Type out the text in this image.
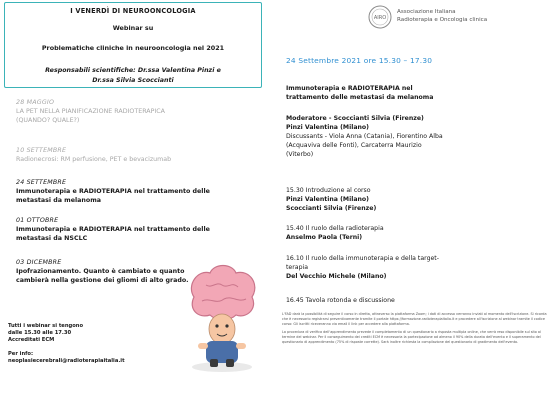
I VENERDÌ DI NEUROONCOLOGIA
Webinar su
Problematiche cliniche in neurooncologia nel 2021
Responsabili scientifiche: Dr.ssa Valentina Pinzi e
Dr.ssa Silvia Scoccianti
28 MAGGIO
LA PET NELLA PIANIFICAZIONE RADIOTERAPICA
(QUANDO? QUALE?)
10 SETTEMBRE
Radionecrosi: RM perfusione, PET e bevacizumab
24 SETTEMBRE
Immunoterapia e RADIOTERAPIA nel trattamento delle
metastasi da melanoma
01 OTTOBRE
Immunoterapia e RADIOTERAPIA nel trattamento delle
metastasi da NSCLC
03 DICEMBRE
Ipofrazionamento. Quanto è cambiato e quanto
cambierà nella gestione dei gliomi di alto grado.
Tutti i webinar si tengono
dalle 15.30 alle 17.30
Accreditati ECM
Per info:
neoplasiecerebrali@radioterapiaitalia.it
AIRO
Associazione Italiana
Radioterapia e Oncologia clinica
24 Settembre 2021 ore 15.30 – 17.30
Immunoterapia e RADIOTERAPIA nel
trattamento delle metastasi da melanoma
Moderatore - Scoccianti Silvia (Firenze)
Pinzi Valentina (Milano)
Discussants - Viola Anna (Catania), Fiorentino Alba
(Acquaviva delle Fonti), Carcaterra Maurizio
(Viterbo)
15.30 Introduzione al corso
Pinzi Valentina (Milano)
Scoccianti Silvia (Firenze)
15.40 Il ruolo della radioterapia
Anselmo Paola (Terni)
16.10 Il ruolo della immunoterapia e della target-
terapia
Del Vecchio Michele (Milano)
16.45 Tavola rotonda e discussione

L'FAD darà la possibilità di seguire il corso in diretta, attraverso la piattaforma Zoom; i dati di accesso verranno inviati al momento dell'iscrizione. Si ricorda che è necessario registrarsi preventivamente tramite il portale https://formazione.radioterapiaitalia.it e procedere all'iscrizione al webinar tramite il codice corso: Gli iscritti riceveranno via email il link per accedere alla piattaforma.

La procedura di verifica dell'apprendimento prevede il completamento di un questionario a risposta multipla online, che verrà reso disponibile sul sito al termine del webinar. Per il conseguimento dei crediti ECM è necessaria la partecipazione ad almeno il 90% della durata dell'evento e il superamento del questionario di apprendimento (75% di risposte corrette). Sarà inoltre richiesta la compilazione del questionario di gradimento dell'evento.
